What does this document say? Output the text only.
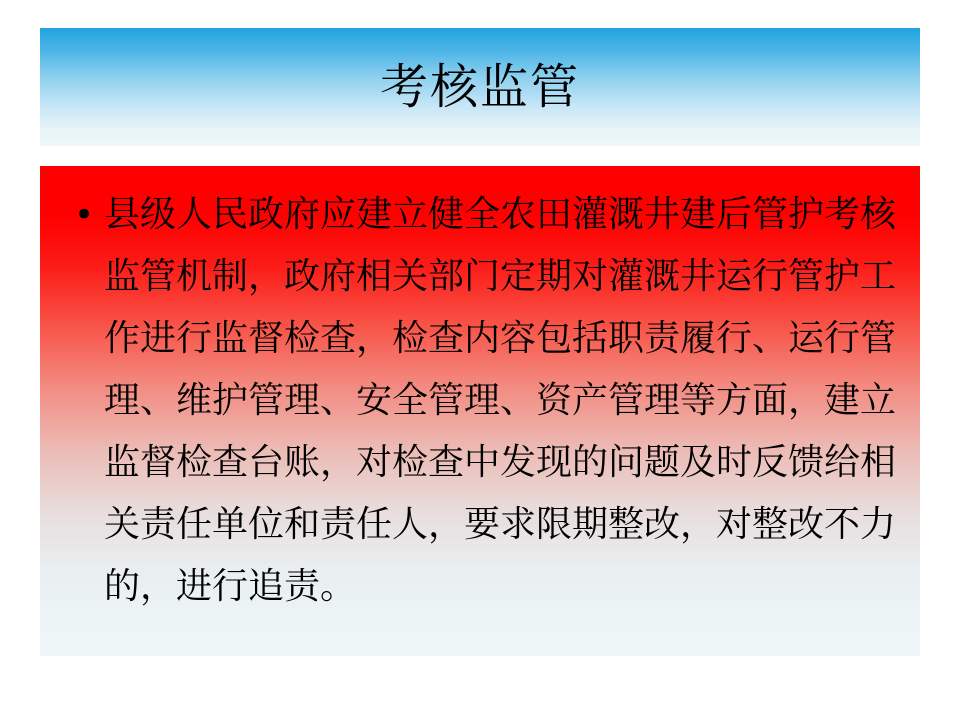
考核监管
• 县级人民政府应建立健全农田灌溉井建后管护考核监管机制，政府相关部门定期对灌溉井运行管护工作进行监督检查，检查内容包括职责履行、运行管理、维护管理、安全管理、资产管理等方面，建立监督检查台账，对检查中发现的问题及时反馈给相关责任单位和责任人，要求限期整改，对整改不力的，进行追责。
